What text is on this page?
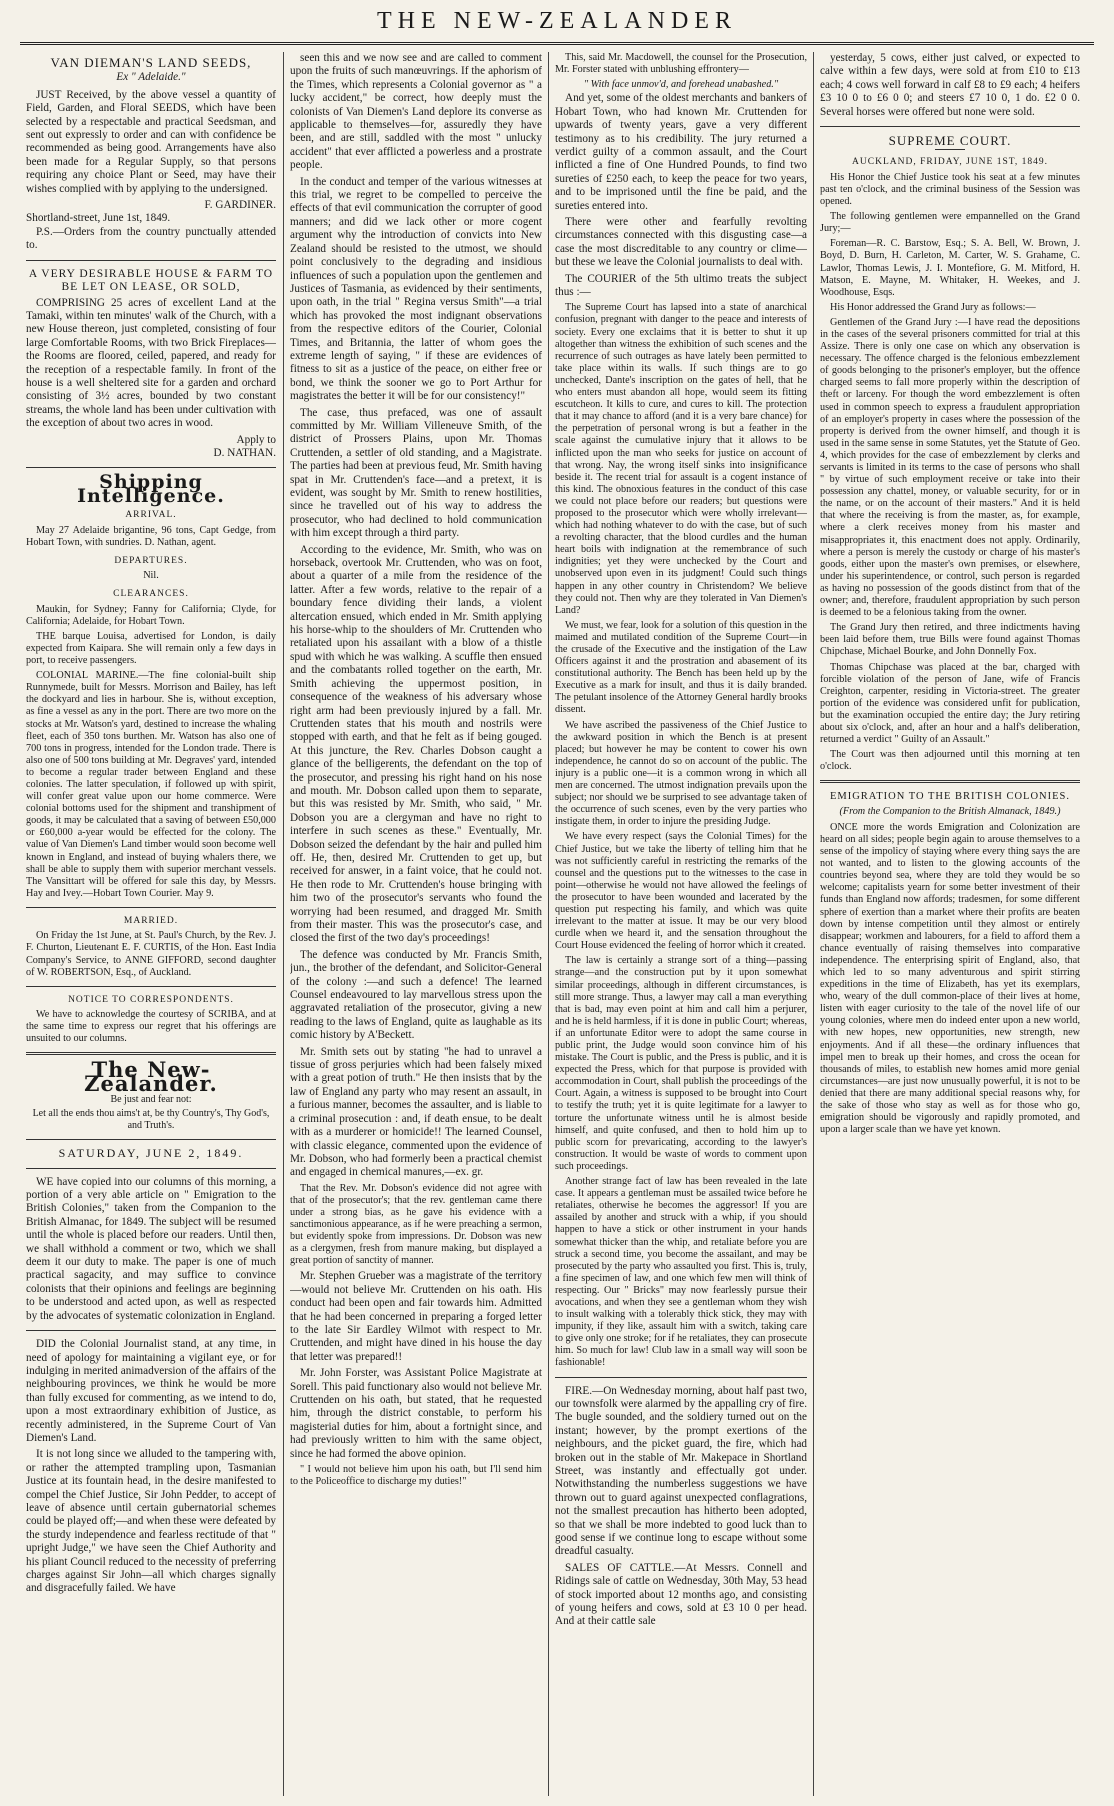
THE NEW-ZEALANDER
VAN DIEMAN'S LAND SEEDS,
Ex " Adelaide."

JUST Received, by the above vessel a quantity of Field, Garden, and Floral SEEDS, which have been selected by a respectable and practical Seedsman, and sent out expressly to order and can with confidence be recommended as being good. Arrangements have also been made for a Regular Supply, so that persons requiring any choice Plant or Seed, may have their wishes complied with by applying to the undersigned.

F. GARDINER.
Shortland-street, June 1st, 1849.

P.S.—Orders from the country punctually attended to.

A VERY DESIRABLE HOUSE & FARM TO BE LET ON LEASE, OR SOLD,

COMPRISING 25 acres of excellent Land at the Tamaki, within ten minutes' walk of the Church, with a new House thereon, just completed, consisting of four large Comfortable Rooms, with two Brick Fireplaces—the Rooms are floored, ceiled, papered, and ready for the reception of a respectable family. In front of the house is a well sheltered site for a garden and orchard consisting of 3½ acres, bounded by two constant streams, the whole land has been under cultivation with the exception of about two acres in wood.

Apply to
D. NATHAN.
Shipping Intelligence.
ARRIVAL.

May 27 Adelaide brigantine, 96 tons, Capt Gedge, from Hobart Town, with sundries. D. Nathan, agent.

DEPARTURES.
Nil.
CLEARANCES.

Maukin, for Sydney; Fanny for California; Clyde, for California; Adelaide, for Hobart Town.

THE barque Louisa, advertised for London, is daily expected from Kaipara. She will remain only a few days in port, to receive passengers.

COLONIAL MARINE.—The fine colonial-built ship Runnymede, built for Messrs. Morrison and Bailey, has left the dockyard and lies in harbour. She is, without exception, as fine a vessel as any in the port. There are two more on the stocks at Mr. Watson's yard, destined to increase the whaling fleet, each of 350 tons burthen. Mr. Watson has also one of 700 tons in progress, intended for the London trade. There is also one of 500 tons building at Mr. Degraves' yard, intended to become a regular trader between England and these colonies. The latter speculation, if followed up with spirit, will confer great value upon our home commerce. Were colonial bottoms used for the shipment and transhipment of goods, it may be calculated that a saving of between £50,000 or £60,000 a-year would be effected for the colony. The value of Van Diemen's Land timber would soon become well known in England, and instead of buying whalers there, we shall be able to supply them with superior merchant vessels. The Vansittart will be offered for sale this day, by Messrs. Hay and Ivey.—Hobart Town Courier. May 9.

MARRIED.

On Friday the 1st June, at St. Paul's Church, by the Rev. J. F. Churton, Lieutenant E. F. CURTIS, of the Hon. East India Company's Service, to ANNE GIFFORD, second daughter of W. ROBERTSON, Esq., of Auckland.

NOTICE TO CORRESPONDENTS.

We have to acknowledge the courtesy of SCRIBA, and at the same time to express our regret that his offerings are unsuited to our columns.

The New-Zealander.
Be just and fear not:
Let all the ends thou aims't at, be thy Country's, Thy God's, and Truth's.
SATURDAY, JUNE 2, 1849.

WE have copied into our columns of this morning, a portion of a very able article on " Emigration to the British Colonies," taken from the Companion to the British Almanac, for 1849. The subject will be resumed until the whole is placed before our readers. Until then, we shall withhold a comment or two, which we shall deem it our duty to make. The paper is one of much practical sagacity, and may suffice to convince colonists that their opinions and feelings are beginning to be understood and acted upon, as well as respected by the advocates of systematic colonization in England.

DID the Colonial Journalist stand, at any time, in need of apology for maintaining a vigilant eye, or for indulging in merited animadversion of the affairs of the neighbouring provinces, we think he would be more than fully excused for commenting, as we intend to do, upon a most extraordinary exhibition of Justice, as recently administered, in the Supreme Court of Van Diemen's Land.

It is not long since we alluded to the tampering with, or rather the attempted trampling upon, Tasmanian Justice at its fountain head, in the desire manifested to compel the Chief Justice, Sir John Pedder, to accept of leave of absence until certain gubernatorial schemes could be played off;—and when these were defeated by the sturdy independence and fearless rectitude of that " upright Judge," we have seen the Chief Authority and his pliant Council reduced to the necessity of preferring charges against Sir John—all which charges signally and disgracefully failed. We have

seen this and we now see and are called to comment upon the fruits of such manœuvrings. If the aphorism of the Times, which represents a Colonial governor as " a lucky accident," be correct, how deeply must the colonists of Van Diemen's Land deplore its converse as applicable to themselves—for, assuredly they have been, and are still, saddled with the most " unlucky accident" that ever afflicted a powerless and a prostrate people.

In the conduct and temper of the various witnesses at this trial, we regret to be compelled to perceive the effects of that evil communication the corrupter of good manners; and did we lack other or more cogent argument why the introduction of convicts into New Zealand should be resisted to the utmost, we should point conclusively to the degrading and insidious influences of such a population upon the gentlemen and Justices of Tasmania, as evidenced by their sentiments, upon oath, in the trial " Regina versus Smith"—a trial which has provoked the most indignant observations from the respective editors of the Courier, Colonial Times, and Britannia, the latter of whom goes the extreme length of saying, " if these are evidences of fitness to sit as a justice of the peace, on either free or bond, we think the sooner we go to Port Arthur for magistrates the better it will be for our consistency!"

The case, thus prefaced, was one of assault committed by Mr. William Villeneuve Smith, of the district of Prossers Plains, upon Mr. Thomas Cruttenden, a settler of old standing, and a Magistrate. The parties had been at previous feud, Mr. Smith having spat in Mr. Cruttenden's face—and a pretext, it is evident, was sought by Mr. Smith to renew hostilities, since he travelled out of his way to address the prosecutor, who had declined to hold communication with him except through a third party.

According to the evidence, Mr. Smith, who was on horseback, overtook Mr. Cruttenden, who was on foot, about a quarter of a mile from the residence of the latter. After a few words, relative to the repair of a boundary fence dividing their lands, a violent altercation ensued, which ended in Mr. Smith applying his horse-whip to the shoulders of Mr. Cruttenden who retaliated upon his assailant with a blow of a thistle spud with which he was walking. A scuffle then ensued and the combatants rolled together on the earth, Mr. Smith achieving the uppermost position, in consequence of the weakness of his adversary whose right arm had been previously injured by a fall. Mr. Cruttenden states that his mouth and nostrils were stopped with earth, and that he felt as if being gouged. At this juncture, the Rev. Charles Dobson caught a glance of the belligerents, the defendant on the top of the prosecutor, and pressing his right hand on his nose and mouth. Mr. Dobson called upon them to separate, but this was resisted by Mr. Smith, who said, " Mr. Dobson you are a clergyman and have no right to interfere in such scenes as these." Eventually, Mr. Dobson seized the defendant by the hair and pulled him off. He, then, desired Mr. Cruttenden to get up, but received for answer, in a faint voice, that he could not. He then rode to Mr. Cruttenden's house bringing with him two of the prosecutor's servants who found the worrying had been resumed, and dragged Mr. Smith from their master. This was the prosecutor's case, and closed the first of the two day's proceedings!

The defence was conducted by Mr. Francis Smith, jun., the brother of the defendant, and Solicitor-General of the colony :—and such a defence! The learned Counsel endeavoured to lay marvellous stress upon the aggravated retaliation of the prosecutor, giving a new reading to the laws of England, quite as laughable as its comic history by A'Beckett.

Mr. Smith sets out by stating "he had to unravel a tissue of gross perjuries which had been falsely mixed with a great potion of truth." He then insists that by the law of England any party who may resent an assault, in a furious manner, becomes the assaulter, and is liable to a criminal prosecution : and, if death ensue, to be dealt with as a murderer or homicide!! The learned Counsel, with classic elegance, commented upon the evidence of Mr. Dobson, who had formerly been a practical chemist and engaged in chemical manures,—ex. gr.

That the Rev. Mr. Dobson's evidence did not agree with that of the prosecutor's; that the rev. gentleman came there under a strong bias, as he gave his evidence with a sanctimonious appearance, as if he were preaching a sermon, but evidently spoke from impressions. Dr. Dobson was new as a clergymen, fresh from manure making, but displayed a great portion of sanctity of manner.

Mr. Stephen Grueber was a magistrate of the territory—would not believe Mr. Cruttenden on his oath. His conduct had been open and fair towards him. Admitted that he had been concerned in preparing a forged letter to the late Sir Eardley Wilmot with respect to Mr. Cruttenden, and might have dined in his house the day that letter was prepared!!

Mr. John Forster, was Assistant Police Magistrate at Sorell. This paid functionary also would not believe Mr. Cruttenden on his oath, but stated, that he requested him, through the district constable, to perform his magisterial duties for him, about a fortnight since, and had previously written to him with the same object, since he had formed the above opinion.

" I would not believe him upon his oath, but I'll send him to the Policeoffice to discharge my duties!"

This, said Mr. Macdowell, the counsel for the Prosecution, Mr. Forster stated with unblushing effrontery—

" With face unmov'd, and forehead unabashed."

And yet, some of the oldest merchants and bankers of Hobart Town, who had known Mr. Cruttenden for upwards of twenty years, gave a very different testimony as to his credibility. The jury returned a verdict guilty of a common assault, and the Court inflicted a fine of One Hundred Pounds, to find two sureties of £250 each, to keep the peace for two years, and to be imprisoned until the fine be paid, and the sureties entered into.

There were other and fearfully revolting circumstances connected with this disgusting case—a case the most discreditable to any country or clime—but these we leave the Colonial journalists to deal with.

The COURIER of the 5th ultimo treats the subject thus :—

The Supreme Court has lapsed into a state of anarchical confusion, pregnant with danger to the peace and interests of society. Every one exclaims that it is better to shut it up altogether than witness the exhibition of such scenes and the recurrence of such outrages as have lately been permitted to take place within its walls. If such things are to go unchecked, Dante's inscription on the gates of hell, that he who enters must abandon all hope, would seem its fitting escutcheon. It kills to cure, and cures to kill. The protection that it may chance to afford (and it is a very bare chance) for the perpetration of personal wrong is but a feather in the scale against the cumulative injury that it allows to be inflicted upon the man who seeks for justice on account of that wrong. Nay, the wrong itself sinks into insignificance beside it. The recent trial for assault is a cogent instance of this kind. The obnoxious features in the conduct of this case we could not place before our readers; but questions were proposed to the prosecutor which were wholly irrelevant—which had nothing whatever to do with the case, but of such a revolting character, that the blood curdles and the human heart boils with indignation at the remembrance of such indignities; yet they were unchecked by the Court and unobserved upon even in its judgment! Could such things happen in any other country in Christendom? We believe they could not. Then why are they tolerated in Van Diemen's Land?

We must, we fear, look for a solution of this question in the maimed and mutilated condition of the Supreme Court—in the crusade of the Executive and the instigation of the Law Officers against it and the prostration and abasement of its constitutional authority. The Bench has been held up by the Executive as a mark for insult, and thus it is daily branded. The petulant insolence of the Attorney General hardly brooks dissent.

We have ascribed the passiveness of the Chief Justice to the awkward position in which the Bench is at present placed; but however he may be content to cower his own independence, he cannot do so on account of the public. The injury is a public one—it is a common wrong in which all men are concerned. The utmost indignation prevails upon the subject; nor should we be surprised to see advantage taken of the occurrence of such scenes, even by the very parties who instigate them, in order to injure the presiding Judge.

We have every respect (says the Colonial Times) for the Chief Justice, but we take the liberty of telling him that he was not sufficiently careful in restricting the remarks of the counsel and the questions put to the witnesses to the case in point—otherwise he would not have allowed the feelings of the prosecutor to have been wounded and lacerated by the question put respecting his family, and which was quite irrelevant to the matter at issue. It may be our very blood curdle when we heard it, and the sensation throughout the Court House evidenced the feeling of horror which it created.

The law is certainly a strange sort of a thing—passing strange—and the construction put by it upon somewhat similar proceedings, although in different circumstances, is still more strange. Thus, a lawyer may call a man everything that is bad, may even point at him and call him a perjurer, and he is held harmless, if it is done in public Court; whereas, if an unfortunate Editor were to adopt the same course in public print, the Judge would soon convince him of his mistake. The Court is public, and the Press is public, and it is expected the Press, which for that purpose is provided with accommodation in Court, shall publish the proceedings of the Court. Again, a witness is supposed to be brought into Court to testify the truth; yet it is quite legitimate for a lawyer to torture the unfortunate witness until he is almost beside himself, and quite confused, and then to hold him up to public scorn for prevaricating, according to the lawyer's construction. It would be waste of words to comment upon such proceedings.

Another strange fact of law has been revealed in the late case. It appears a gentleman must be assailed twice before he retaliates, otherwise he becomes the aggressor! If you are assailed by another and struck with a whip, if you should happen to have a stick or other instrument in your hands somewhat thicker than the whip, and retaliate before you are struck a second time, you become the assailant, and may be prosecuted by the party who assaulted you first. This is, truly, a fine specimen of law, and one which few men will think of respecting. Our " Bricks" may now fearlessly pursue their avocations, and when they see a gentleman whom they wish to insult walking with a tolerably thick stick, they may with impunity, if they like, assault him with a switch, taking care to give only one stroke; for if he retaliates, they can prosecute him. So much for law! Club law in a small way will soon be fashionable!

FIRE.—On Wednesday morning, about half past two, our townsfolk were alarmed by the appalling cry of fire. The bugle sounded, and the soldiery turned out on the instant; however, by the prompt exertions of the neighbours, and the picket guard, the fire, which had broken out in the stable of Mr. Makepace in Shortland Street, was instantly and effectually got under. Notwithstanding the numberless suggestions we have thrown out to guard against unexpected conflagrations, not the smallest precaution has hitherto been adopted, so that we shall be more indebted to good luck than to good sense if we continue long to escape without some dreadful casualty.

SALES OF CATTLE.—At Messrs. Connell and Ridings sale of cattle on Wednesday, 30th May, 53 head of stock imported about 12 months ago, and consisting of young heifers and cows, sold at £3 10 0 per head. And at their cattle sale

yesterday, 5 cows, either just calved, or expected to calve within a few days, were sold at from £10 to £13 each; 4 cows well forward in calf £8 to £9 each; 4 heifers £3 10 0 to £6 0 0; and steers £7 10 0, 1 do. £2 0 0. Several horses were offered but none were sold.

SUPREME COURT.
AUCKLAND, FRIDAY, JUNE 1ST, 1849.

His Honor the Chief Justice took his seat at a few minutes past ten o'clock, and the criminal business of the Session was opened.

The following gentlemen were empannelled on the Grand Jury;—

Foreman—R. C. Barstow, Esq.; S. A. Bell, W. Brown, J. Boyd, D. Burn, H. Carleton, M. Carter, W. S. Grahame, C. Lawlor, Thomas Lewis, J. I. Montefiore, G. M. Mitford, H. Matson, E. Mayne, M. Whitaker, H. Weekes, and J. Woodhouse, Esqs.

His Honor addressed the Grand Jury as follows:—

Gentlemen of the Grand Jury :—I have read the depositions in the cases of the several prisoners committed for trial at this Assize. There is only one case on which any observation is necessary. The offence charged is the felonious embezzlement of goods belonging to the prisoner's employer, but the offence charged seems to fall more properly within the description of theft or larceny. For though the word embezzlement is often used in common speech to express a fraudulent appropriation of an employer's property in cases where the possession of the property is derived from the owner himself, and though it is used in the same sense in some Statutes, yet the Statute of Geo. 4, which provides for the case of embezzlement by clerks and servants is limited in its terms to the case of persons who shall " by virtue of such employment receive or take into their possession any chattel, money, or valuable security, for or in the name, or on the account of their masters." And it is held that where the receiving is from the master, as, for example, where a clerk receives money from his master and misappropriates it, this enactment does not apply. Ordinarily, where a person is merely the custody or charge of his master's goods, either upon the master's own premises, or elsewhere, under his superintendence, or control, such person is regarded as having no possession of the goods distinct from that of the owner; and, therefore, fraudulent appropriation by such person is deemed to be a felonious taking from the owner.

The Grand Jury then retired, and three indictments having been laid before them, true Bills were found against Thomas Chipchase, Michael Bourke, and John Donnelly Fox.

Thomas Chipchase was placed at the bar, charged with forcible violation of the person of Jane, wife of Francis Creighton, carpenter, residing in Victoria-street. The greater portion of the evidence was considered unfit for publication, but the examination occupied the entire day; the Jury retiring about six o'clock, and, after an hour and a half's deliberation, returned a verdict " Guilty of an Assault."

The Court was then adjourned until this morning at ten o'clock.

EMIGRATION TO THE BRITISH COLONIES.
(From the Companion to the British Almanack, 1849.)

ONCE more the words Emigration and Colonization are heard on all sides; people begin again to arouse themselves to a sense of the impolicy of staying where every thing says the are not wanted, and to listen to the glowing accounts of the countries beyond sea, where they are told they would be so welcome; capitalists yearn for some better investment of their funds than England now affords; tradesmen, for some different sphere of exertion than a market where their profits are beaten down by intense competition until they almost or entirely disappear; workmen and labourers, for a field to afford them a chance eventually of raising themselves into comparative independence. The enterprising spirit of England, also, that which led to so many adventurous and spirit stirring expeditions in the time of Elizabeth, has yet its exemplars, who, weary of the dull common-place of their lives at home, listen with eager curiosity to the tale of the novel life of our young colonies, where men do indeed enter upon a new world, with new hopes, new opportunities, new strength, new enjoyments. And if all these—the ordinary influences that impel men to break up their homes, and cross the ocean for thousands of miles, to establish new homes amid more genial circumstances—are just now unusually powerful, it is not to be denied that there are many additional special reasons why, for the sake of those who stay as well as for those who go, emigration should be vigorously and rapidly promoted, and upon a larger scale than we have yet known.
